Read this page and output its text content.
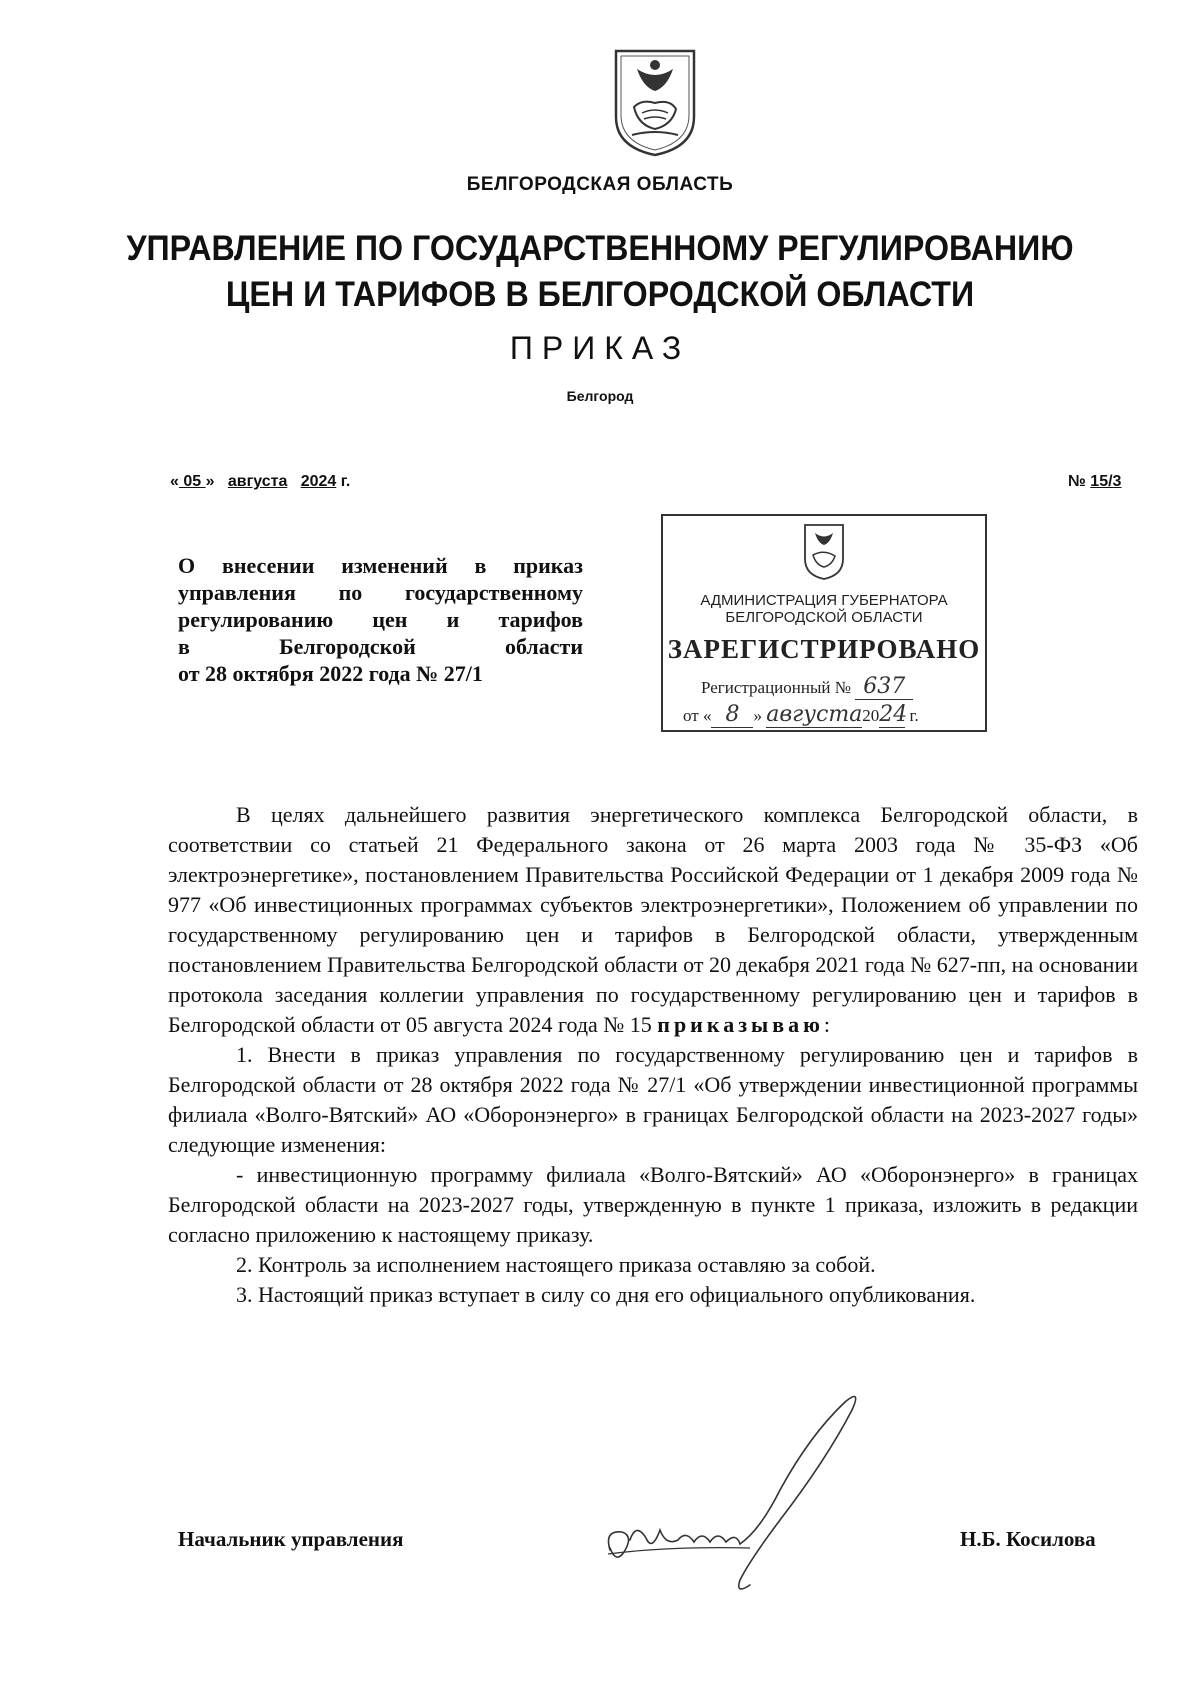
БЕЛГОРОДСКАЯ ОБЛАСТЬ
УПРАВЛЕНИЕ ПО ГОСУДАРСТВЕННОМУ РЕГУЛИРОВАНИЮ
ЦЕН И ТАРИФОВ В БЕЛГОРОДСКОЙ ОБЛАСТИ
ПРИКАЗ
Белгород
« 05 » августа 2024 г.	№ 15/3
О внесении изменений в приказ
управления по государственному
регулированию цен и тарифов
в Белгородской области
от 28 октября 2022 года № 27/1
АДМИНИСТРАЦИЯ ГУБЕРНАТОРА
БЕЛГОРОДСКОЙ ОБЛАСТИ
ЗАРЕГИСТРИРОВАНО
Регистрационный № 637
от « 8 » августа2024 г.

В целях дальнейшего развития энергетического комплекса Белгородской области, в соответствии со статьей 21 Федерального закона от 26 марта 2003 года № 35-ФЗ «Об электроэнергетике», постановлением Правительства Российской Федерации от 1 декабря 2009 года № 977 «Об инвестиционных программах субъектов электроэнергетики», Положением об управлении по государственному регулированию цен и тарифов в Белгородской области, утвержденным постановлением Правительства Белгородской области от 20 декабря 2021 года № 627-пп, на основании протокола заседания коллегии управления по государственному регулированию цен и тарифов в Белгородской области от 05 августа 2024 года № 15 приказываю:

1. Внести в приказ управления по государственному регулированию цен и тарифов в Белгородской области от 28 октября 2022 года № 27/1 «Об утверждении инвестиционной программы филиала «Волго-Вятский» АО «Оборонэнерго» в границах Белгородской области на 2023-2027 годы» следующие изменения:

- инвестиционную программу филиала «Волго-Вятский» АО «Оборонэнерго» в границах Белгородской области на 2023-2027 годы, утвержденную в пункте 1 приказа, изложить в редакции согласно приложению к настоящему приказу.

2. Контроль за исполнением настоящего приказа оставляю за собой.

3. Настоящий приказ вступает в силу со дня его официального опубликования.

Начальник управления	Н.Б. Косилова
